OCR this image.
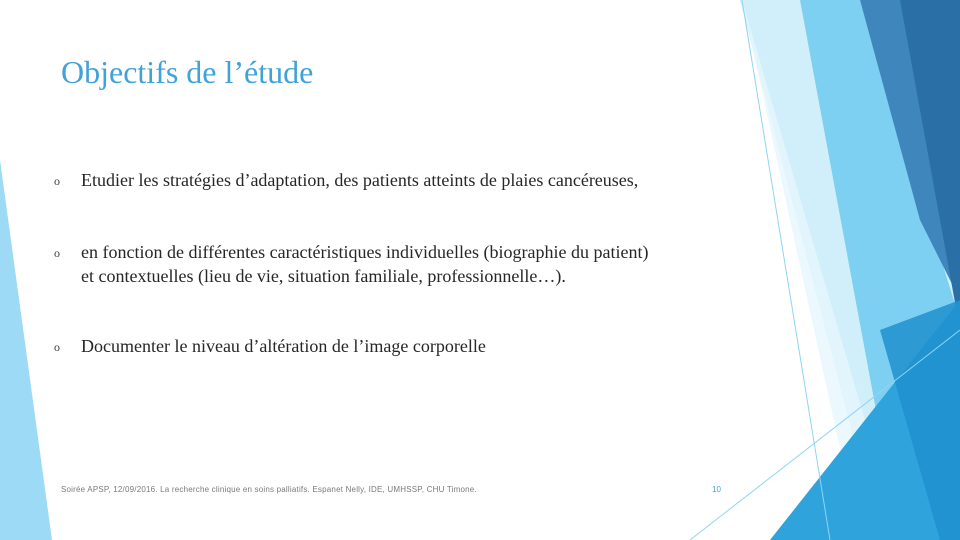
Objectifs de l’étude
o Etudier les stratégies d’adaptation, des patients atteints de plaies cancéreuses,
o en fonction de différentes caractéristiques individuelles (biographie du patient)
et contextuelles (lieu de vie, situation familiale, professionnelle…).
o Documenter le niveau d’altération de l’image corporelle
Soirée APSP, 12/09/2016. La recherche clinique en soins palliatifs. Espanet Nelly, IDE, UMHSSP, CHU Timone.	10
